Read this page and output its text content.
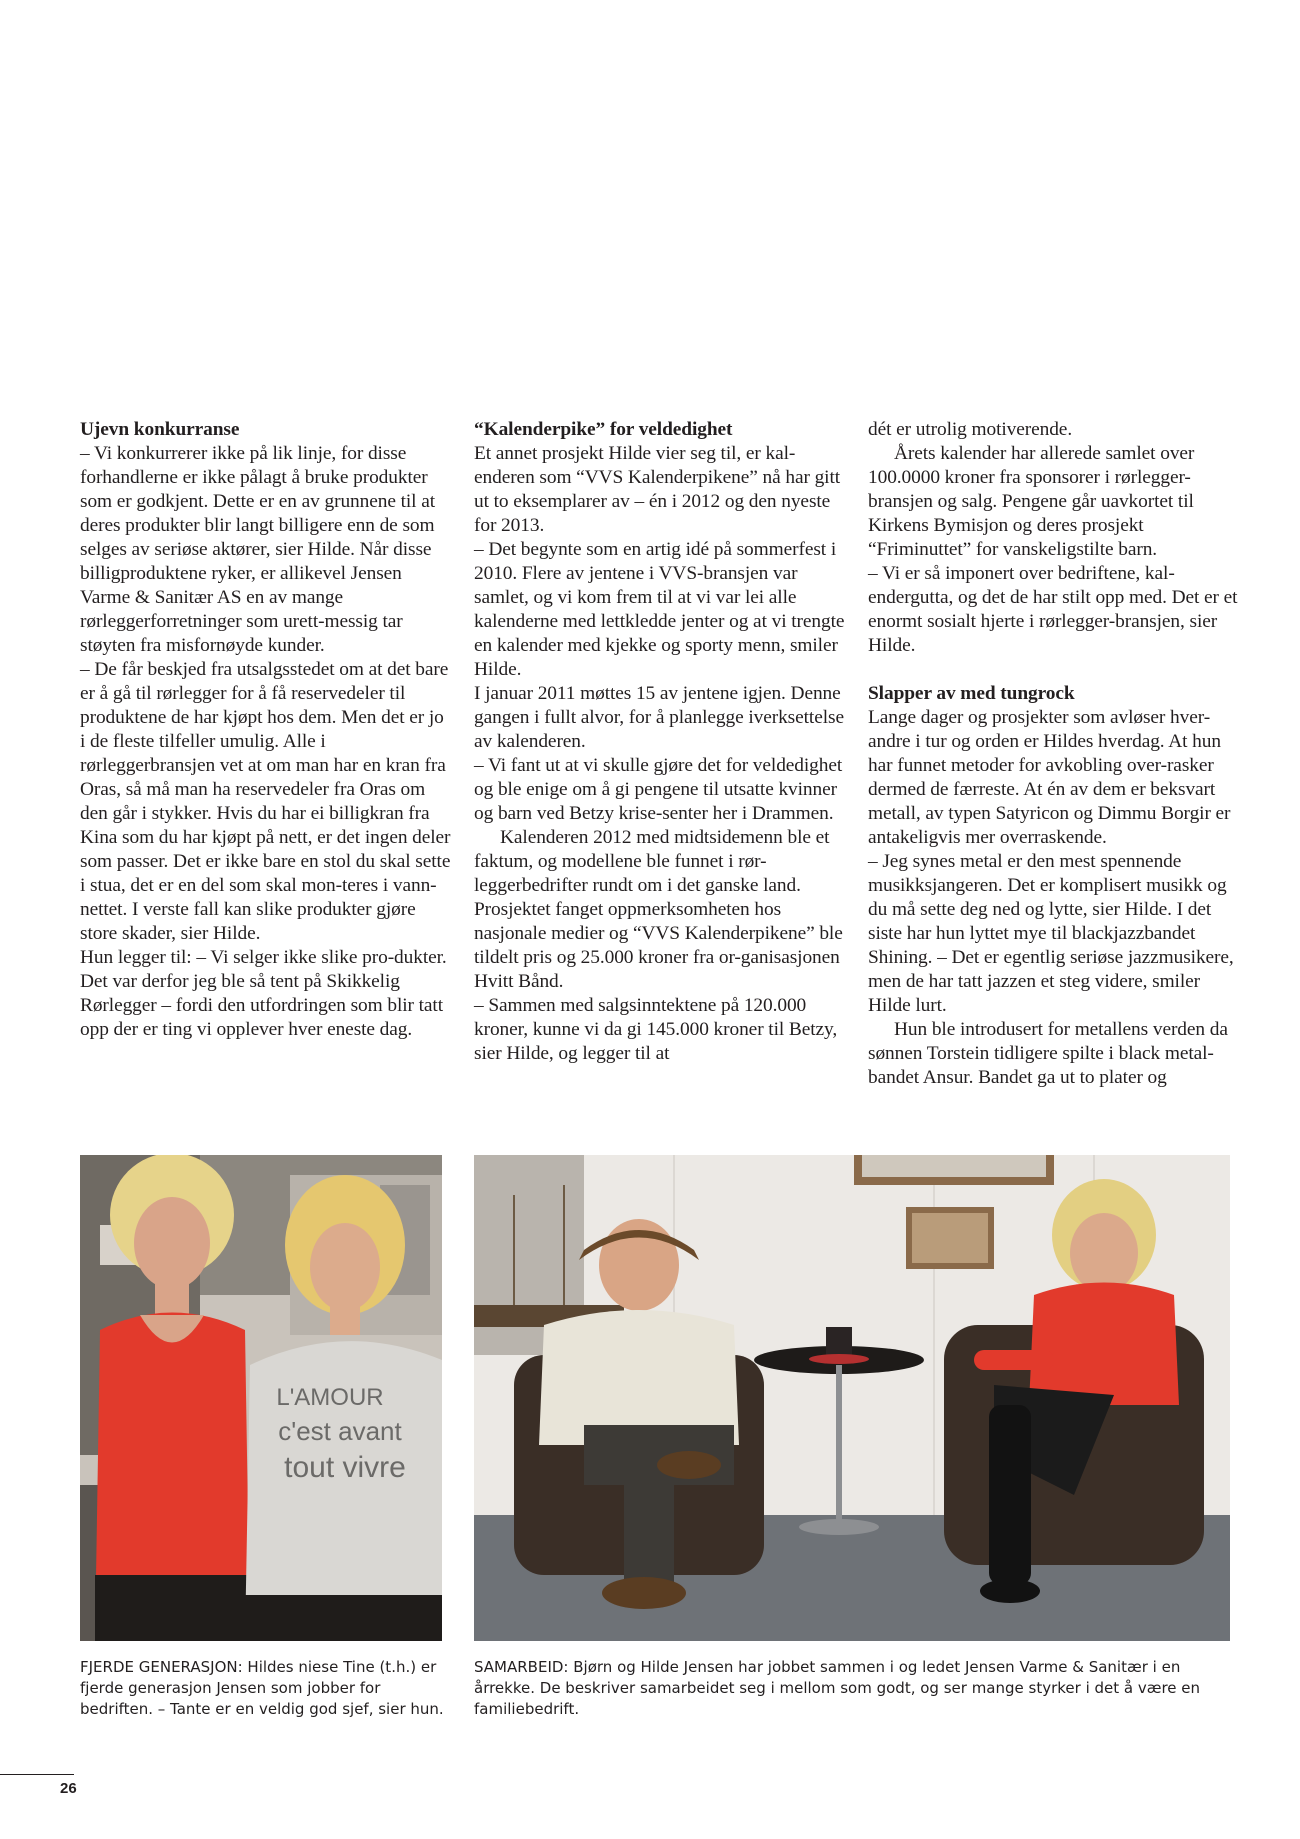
Ujevn konkurranse

– Vi konkurrerer ikke på lik linje, for disse forhandlerne er ikke pålagt å bruke produkter som er godkjent. Dette er en av grunnene til at deres produkter blir langt billigere enn de som selges av seriøse aktører, sier Hilde. Når disse billigproduktene ryker, er allikevel Jensen Varme & Sanitær AS en av mange rørleggerforretninger som urett-messig tar støyten fra misfornøyde kunder.

– De får beskjed fra utsalgsstedet om at det bare er å gå til rørlegger for å få reservedeler til produktene de har kjøpt hos dem. Men det er jo i de fleste tilfeller umulig. Alle i rørleggerbransjen vet at om man har en kran fra Oras, så må man ha reservedeler fra Oras om den går i stykker. Hvis du har ei billigkran fra Kina som du har kjøpt på nett, er det ingen deler som passer. Det er ikke bare en stol du skal sette i stua, det er en del som skal mon-teres i vann-nettet. I verste fall kan slike produkter gjøre store skader, sier Hilde.

Hun legger til: – Vi selger ikke slike pro-dukter. Det var derfor jeg ble så tent på Skikkelig Rørlegger – fordi den utfordringen som blir tatt opp der er ting vi opplever hver eneste dag.

“Kalenderpike” for veldedighet

Et annet prosjekt Hilde vier seg til, er kal-enderen som “VVS Kalenderpikene” nå har gitt ut to eksemplarer av – én i 2012 og den nyeste for 2013.

– Det begynte som en artig idé på sommerfest i 2010. Flere av jentene i VVS-bransjen var samlet, og vi kom frem til at vi var lei alle kalenderne med lettkledde jenter og at vi trengte en kalender med kjekke og sporty menn, smiler Hilde.

I januar 2011 møttes 15 av jentene igjen. Denne gangen i fullt alvor, for å planlegge iverksettelse av kalenderen.

– Vi fant ut at vi skulle gjøre det for veldedighet og ble enige om å gi pengene til utsatte kvinner og barn ved Betzy krise-senter her i Drammen.

Kalenderen 2012 med midtsidemenn ble et faktum, og modellene ble funnet i rør-leggerbedrifter rundt om i det ganske land. Prosjektet fanget oppmerksomheten hos nasjonale medier og “VVS Kalenderpikene” ble tildelt pris og 25.000 kroner fra or-ganisasjonen Hvitt Bånd.

– Sammen med salgsinntektene på 120.000 kroner, kunne vi da gi 145.000 kroner til Betzy, sier Hilde, og legger til at

dét er utrolig motiverende.

Årets kalender har allerede samlet over 100.0000 kroner fra sponsorer i rørlegger-bransjen og salg. Pengene går uavkortet til Kirkens Bymisjon og deres prosjekt “Friminuttet” for vanskeligstilte barn.

– Vi er så imponert over bedriftene, kal-endergutta, og det de har stilt opp med. Det er et enormt sosialt hjerte i rørlegger-bransjen, sier Hilde.

Slapper av med tungrock

Lange dager og prosjekter som avløser hver-andre i tur og orden er Hildes hverdag. At hun har funnet metoder for avkobling over-rasker dermed de færreste. At én av dem er beksvart metall, av typen Satyricon og Dimmu Borgir er antakeligvis mer overraskende.

– Jeg synes metal er den mest spennende musikksjangeren. Det er komplisert musikk og du må sette deg ned og lytte, sier Hilde. I det siste har hun lyttet mye til blackjazzbandet Shining. – Det er egentlig seriøse jazzmusikere, men de har tatt jazzen et steg videre, smiler Hilde lurt.

Hun ble introdusert for metallens verden da sønnen Torstein tidligere spilte i black metal-bandet Ansur. Bandet ga ut to plater og

L'AMOUR
c'est avant
tout vivre
FJERDE GENERASJON: Hildes niese Tine (t.h.) er fjerde generasjon Jensen som jobber for bedriften. – Tante er en veldig god sjef, sier hun.
SAMARBEID: Bjørn og Hilde Jensen har jobbet sammen i og ledet Jensen Varme & Sanitær i en årrekke. De beskriver samarbeidet seg i mellom som godt, og ser mange styrker i det å være en familiebedrift.
26
